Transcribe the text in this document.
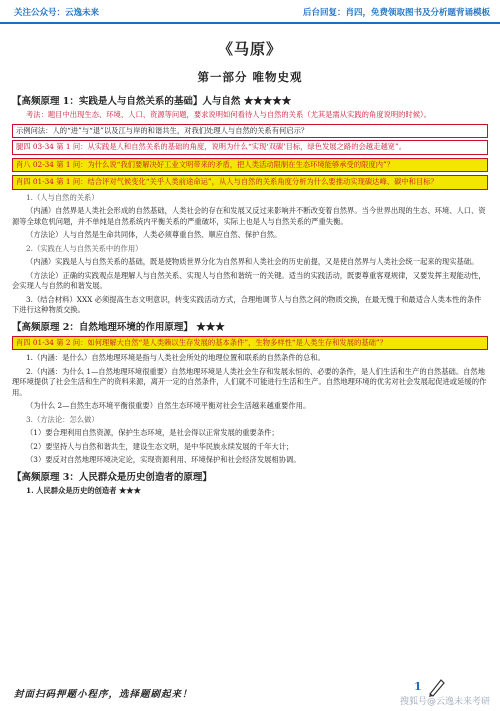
关注公众号：云逸未来	后台回复：肖四，免费领取图书及分析题背诵模板
《马原》
第一部分 唯物史观
【高频原理 1：实践是人与自然关系的基础】人与自然 ★★★★★
考法：题目中出现生态、环境、人口、资源等问题，要求说明如何看待人与自然的关系（尤其是需从实践的角度说明的时候）。
示例问法：人的“进”与“退”以及江与岸的和谐共生，对我们处理人与自然的关系有何启示？
腿四 03-34 第 1 问：从实践是人和自然关系的基础的角度，说明为什么“实现‘双碳’目标，绿色发展之路的会越走越宽”。
肖八 02-34 第 1 问：为什么说“我们要解决好工业文明带来的矛盾，把人类活动限制在生态环境能够承受的限度内”？
肖四 01-34 第 1 问：结合评对气候变化“关乎人类前途命运”，从人与自然的关系角度分析为什么要推动实现碳达峰、碳中和目标？
1.（人与自然的关系）
（内涵）自然界是人类社会形成的自然基础，人类社会的存在和发展又反过来影响并不断改变着自然界。当今世界出现的生态、环境、人口、资源等全球危机问题，并不单纯是自然系统内平衡关系的严重破坏，实际上也是人与自然关系的严重失衡。
（方法论）人与自然是生命共同体，人类必须尊重自然、顺应自然、保护自然。
2.（实践在人与自然关系中的作用）
（内涵）实践是人与自然关系的基础，既是使物质世界分化为自然界和人类社会的历史前提，又是使自然界与人类社会统一起来的现实基础。
（方法论）正确的实践观点是理解人与自然关系、实现人与自然和谐统一的关键。适当的实践活动，既要尊重客观规律，又要发挥主观能动性，会实现人与自然的和谐发展。
3.（结合材料）XXX 必须提高生态文明意识，转变实践活动方式，合理地调节人与自然之间的物质交换，在最无愧于和最适合人类本性的条件下进行这种物质交换。
【高频原理 2：自然地理环境的作用原理】 ★★★
肖四 01-34 第 2 问：如何理解大自然“是人类赖以生存发展的基本条件”，生物多样性“是人类生存和发展的基础”？
1.（内涵：是什么）自然地理环境是指与人类社会所处的地理位置和联系的自然条件的总和。
2.（内涵：为什么 1—自然地理环境很重要）自然地理环境是人类社会生存和发展永恒的、必要的条件，是人们生活和生产的自然基础。自然地理环境提供了社会生活和生产的资料来源，离开一定的自然条件，人们就不可能进行生活和生产。自然地理环境的优劣对社会发展起促进或延缓的作用。
（为什么 2—自然生态环境平衡很重要）自然生态环境平衡对社会生活越来越重要作用。
3.（方法论：怎么做）
（1）要合理利用自然资源，保护生态环境，是社会得以正常发展的重要条件；
（2）要坚持人与自然和谐共生，建设生态文明，是中华民族永续发展的千年大计；
（3）要反对自然地理环境决定论，实现资源利用、环境保护和社会经济发展相协调。
【高频原理 3：人民群众是历史创造者的原理】
1. 人民群众是历史的创造者 ★★★
封面扫码押题小程序，选择题刷起来！
1
搜狐号@云逸未来考研
